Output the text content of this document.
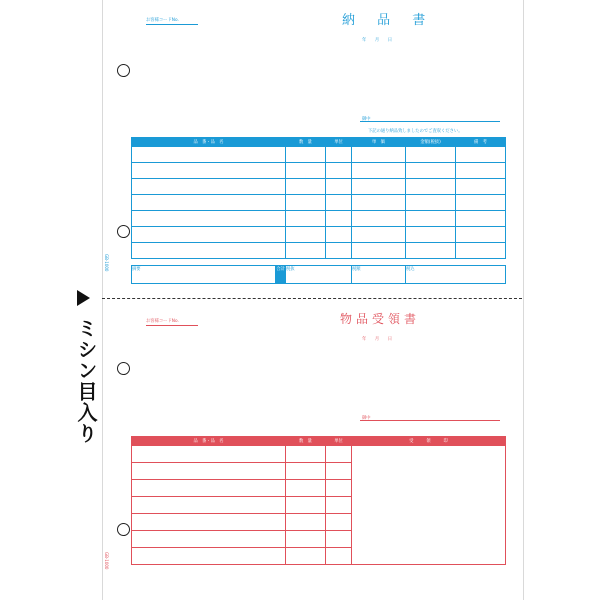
ミシン目入り
お客様コードNo.	納 品 書
年　　月　　日
御中
下記の通り納品致しましたのでご査収ください。
品　番・品　名	数　量	単位	単　価	金額(税抜)	備　考

摘要	合計	税抜	税額	税込
GB-1000
お客様コードNo.	物品受領書
年　　月　　日
御中
品　番・品　名	数　量	単位	受　　　領　　　印

GB-1000
